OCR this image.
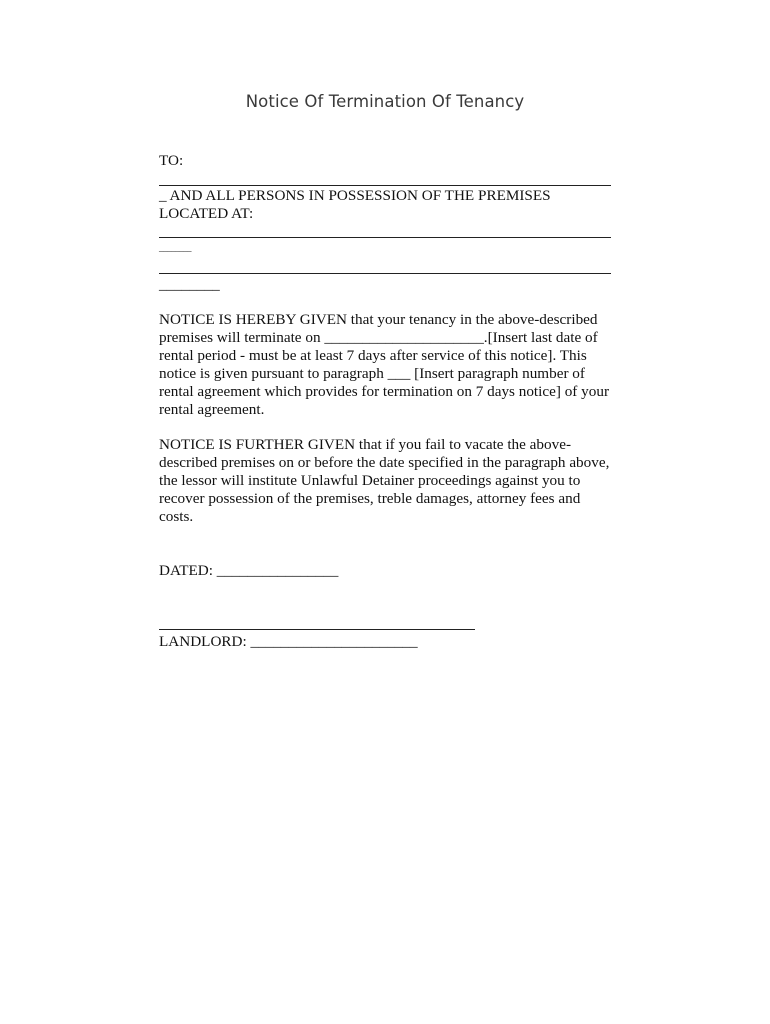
Notice Of Termination Of Tenancy
TO:
_ AND ALL PERSONS IN POSSESSION OF THE PREMISES
LOCATED AT:
________
________
NOTICE IS HEREBY GIVEN that your tenancy in the above-described
premises will terminate on _____________________.[Insert last date of
rental period - must be at least 7 days after service of this notice]. This
notice is given pursuant to paragraph ___ [Insert paragraph number of
rental agreement which provides for termination on 7 days notice] of your
rental agreement.
NOTICE IS FURTHER GIVEN that if you fail to vacate the above-
described premises on or before the date specified in the paragraph above,
the lessor will institute Unlawful Detainer proceedings against you to
recover possession of the premises, treble damages, attorney fees and
costs.
DATED: ________________
LANDLORD: ______________________
